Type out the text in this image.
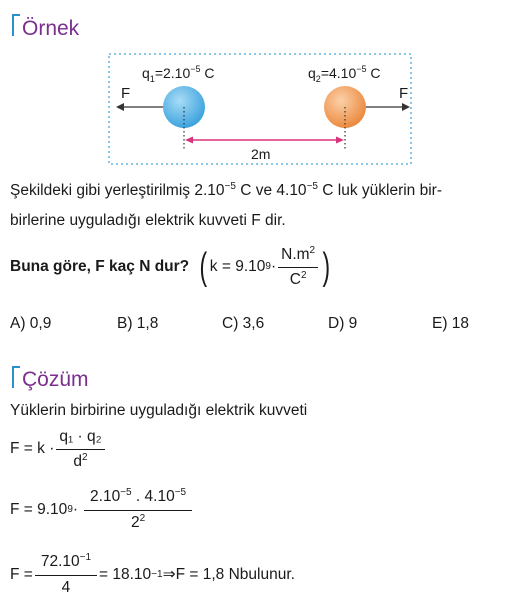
Örnek
F	F
2m
$q_1=2.10^{-5}$ C	$q_2=4.10^{-5}$ C
Şekildeki gibi yerleştirilmiş $2.10^{-5}$ C ve $4.10^{-5}$ C luk yüklerin bir-
birlerine uyguladığı elektrik kuvveti F dir.
Buna göre, F kaç N dur? ( k = 9.10 $9 \cdot \frac{N.m^2}{C^2}$ )
A) 0,9	B) 1,8	C) 3,6	D) 9	E) 18
Çözüm
Yüklerin birbirine uyguladığı elektrik kuvveti
$F = k \cdot \frac{\text{q₁ · q₂}}{d^2}$
F = 9.10 $9 \cdot \frac{2.10^{-5} . 4.10^{-5}}{2^2}$
$F = \frac{72.10^{-1}}{4} = 18.10 -1$ ⇒ F = 1,8 N bulunur.
